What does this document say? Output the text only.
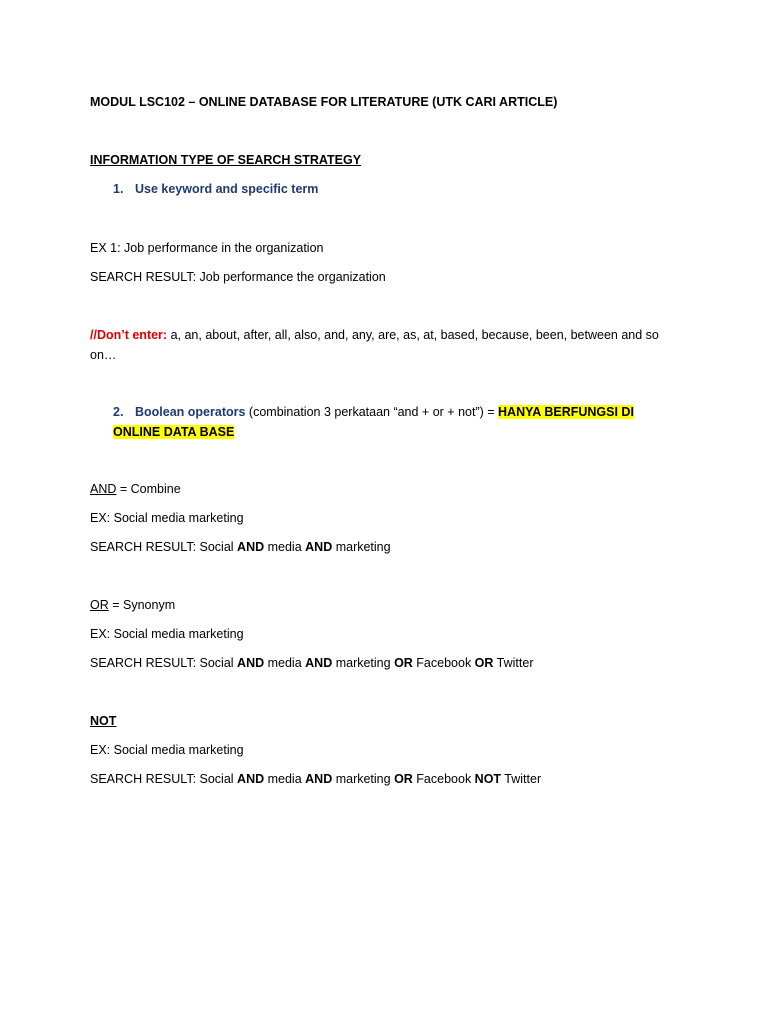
MODUL LSC102 – ONLINE DATABASE FOR LITERATURE (UTK CARI ARTICLE)
INFORMATION TYPE OF SEARCH STRATEGY
1. Use keyword and specific term
EX 1: Job performance in the organization
SEARCH RESULT: Job performance the organization
//Don’t enter: a, an, about, after, all, also, and, any, are, as, at, based, because, been, between and so on…
2. Boolean operators (combination 3 perkataan “and + or + not”) = HANYA BERFUNGSI DI ONLINE DATA BASE
AND = Combine
EX: Social media marketing
SEARCH RESULT: Social AND media AND marketing
OR = Synonym
EX: Social media marketing
SEARCH RESULT: Social AND media AND marketing OR Facebook OR Twitter
NOT
EX: Social media marketing
SEARCH RESULT: Social AND media AND marketing OR Facebook NOT Twitter
